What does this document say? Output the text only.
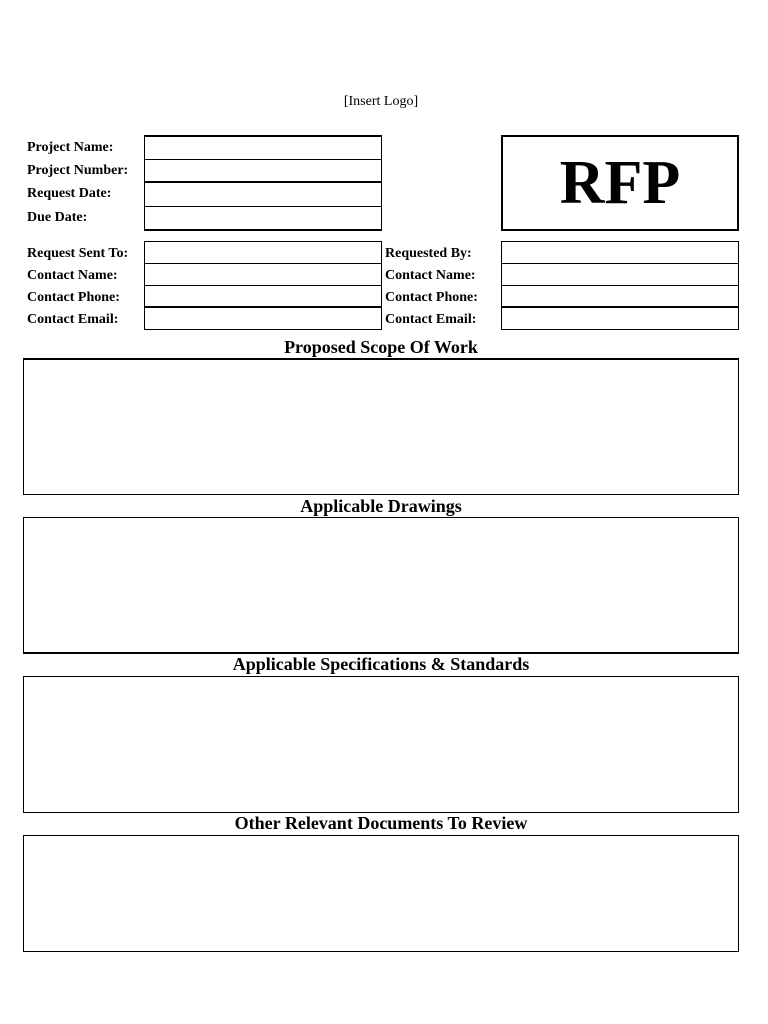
[Insert Logo]
Project Name:
Project Number:
Request Date:
Due Date:
RFP
Request Sent To:
Contact Name:
Contact Phone:
Contact Email:
Requested By:
Contact Name:
Contact Phone:
Contact Email:
Proposed Scope Of Work
Applicable Drawings
Applicable Specifications & Standards
Other Relevant Documents To Review
